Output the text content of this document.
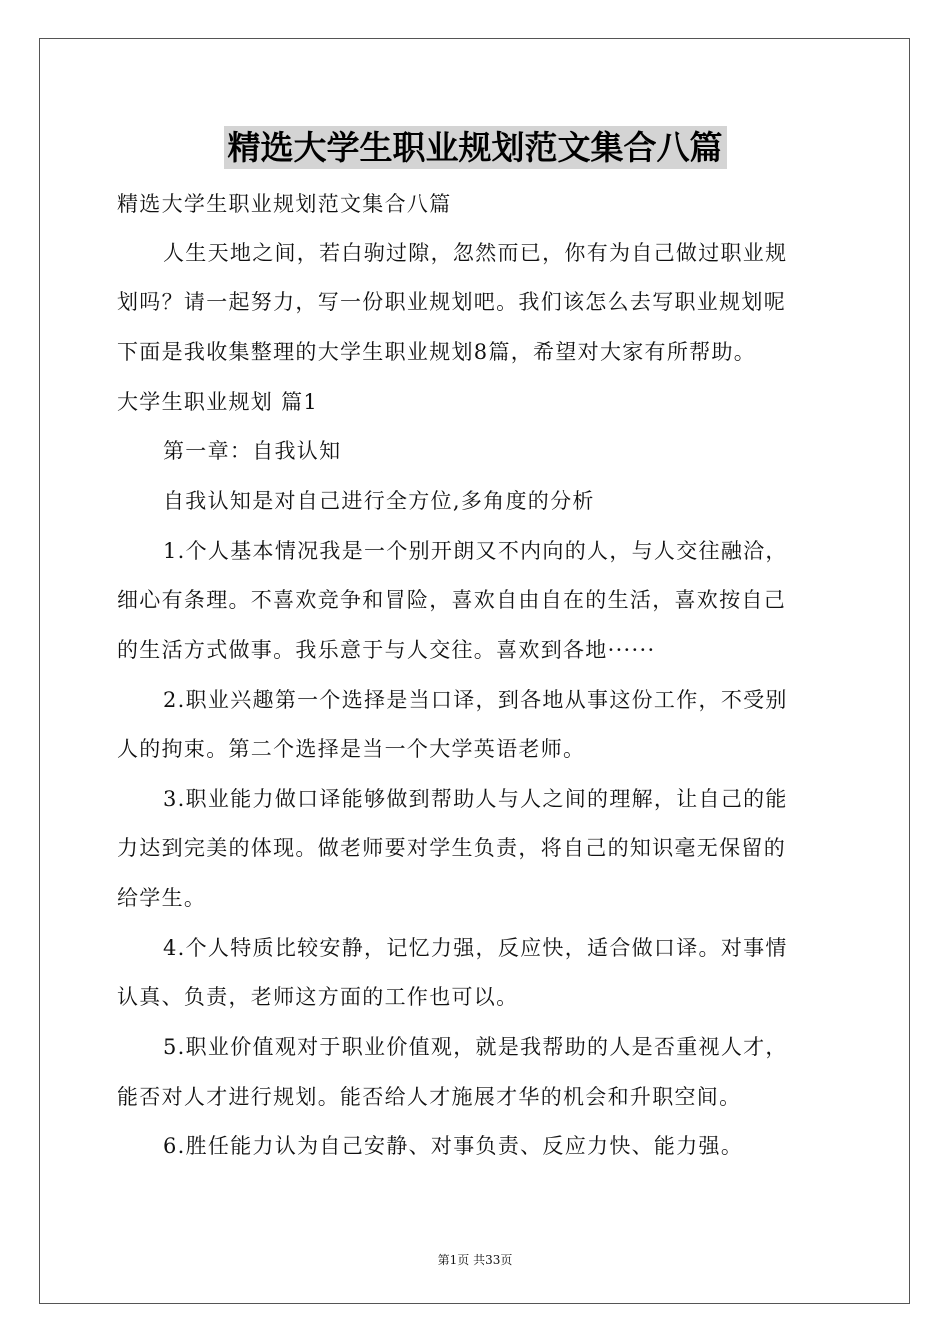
精选大学生职业规划范文集合八篇
精选大学生职业规划范文集合八篇
人生天地之间，若白驹过隙，忽然而已，你有为自己做过职业规
划吗？请一起努力，写一份职业规划吧。我们该怎么去写职业规划呢
下面是我收集整理的大学生职业规划8篇，希望对大家有所帮助。
大学生职业规划 篇1
第一章：自我认知
自我认知是对自己进行全方位,多角度的分析
1.个人基本情况我是一个别开朗又不内向的人，与人交往融洽，
细心有条理。不喜欢竞争和冒险，喜欢自由自在的生活，喜欢按自己
的生活方式做事。我乐意于与人交往。喜欢到各地······
2.职业兴趣第一个选择是当口译，到各地从事这份工作，不受别
人的拘束。第二个选择是当一个大学英语老师。
3.职业能力做口译能够做到帮助人与人之间的理解，让自己的能
力达到完美的体现。做老师要对学生负责，将自己的知识毫无保留的
给学生。
4.个人特质比较安静，记忆力强，反应快，适合做口译。对事情
认真、负责，老师这方面的工作也可以。
5.职业价值观对于职业价值观，就是我帮助的人是否重视人才，
能否对人才进行规划。能否给人才施展才华的机会和升职空间。
6.胜任能力认为自己安静、对事负责、反应力快、能力强。
第1页 共33页
